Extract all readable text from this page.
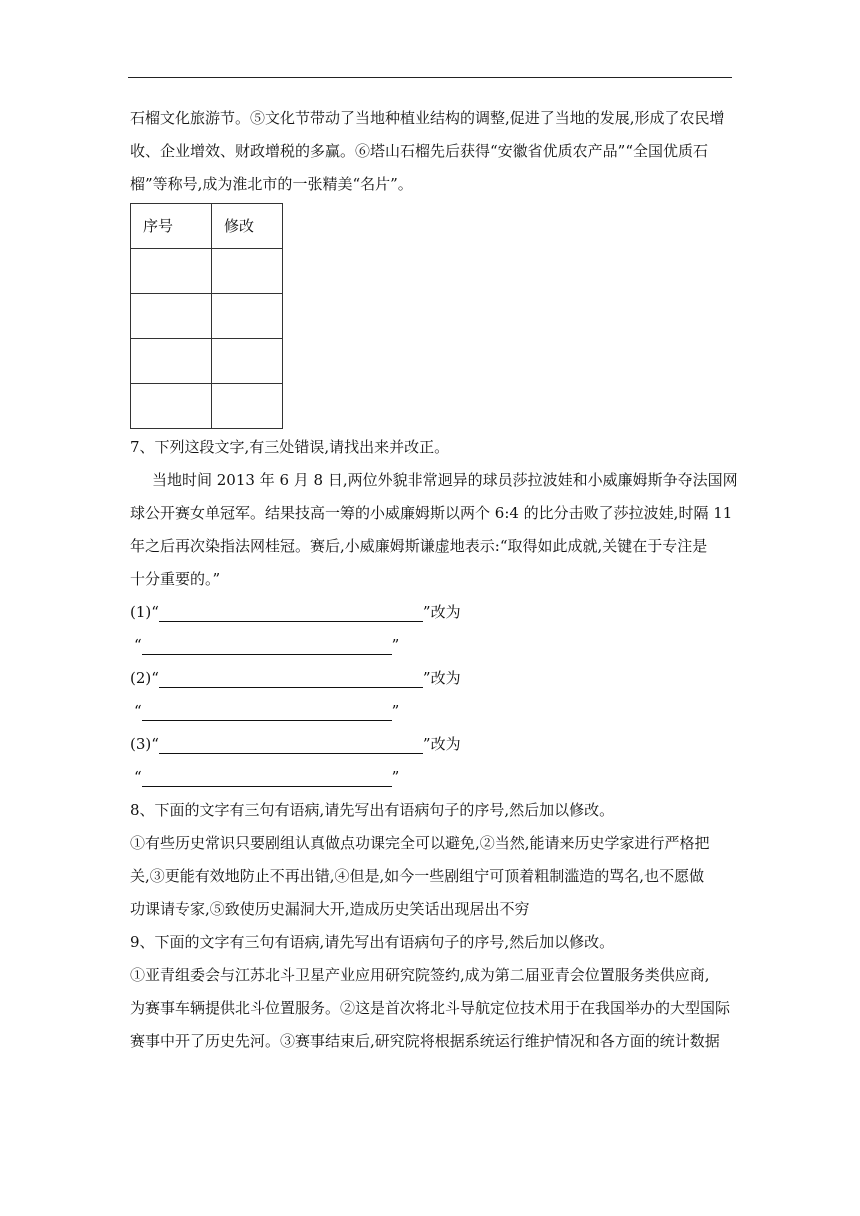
石榴文化旅游节。⑤文化节带动了当地种植业结构的调整,促进了当地的发展,形成了农民增
收、企业增效、财政增税的多赢。⑥塔山石榴先后获得“安徽省优质农产品”“全国优质石
榴”等称号,成为淮北市的一张精美“名片”。
序号	修改

7、下列这段文字,有三处错误,请找出来并改正。
当地时间 2013 年 6 月 8 日,两位外貌非常迥异的球员莎拉波娃和小威廉姆斯争夺法国网
球公开赛女单冠军。结果技高一筹的小威廉姆斯以两个 6:4 的比分击败了莎拉波娃,时隔 11
年之后再次染指法网桂冠。赛后,小威廉姆斯谦虚地表示:“取得如此成就,关键在于专注是
十分重要的。”
(1) “	”改为
“	”
(2) “	”改为
“	”
(3) “	”改为
“	”
8、下面的文字有三句有语病,请先写出有语病句子的序号,然后加以修改。
①有些历史常识只要剧组认真做点功课完全可以避免,②当然,能请来历史学家进行严格把
关,③更能有效地防止不再出错,④但是,如今一些剧组宁可顶着粗制滥造的骂名,也不愿做
功课请专家,⑤致使历史漏洞大开,造成历史笑话出现居出不穷
9、下面的文字有三句有语病,请先写出有语病句子的序号,然后加以修改。
①亚青组委会与江苏北斗卫星产业应用研究院签约,成为第二届亚青会位置服务类供应商,
为赛事车辆提供北斗位置服务。②这是首次将北斗导航定位技术用于在我国举办的大型国际
赛事中开了历史先河。③赛事结束后,研究院将根据系统运行维护情况和各方面的统计数据
